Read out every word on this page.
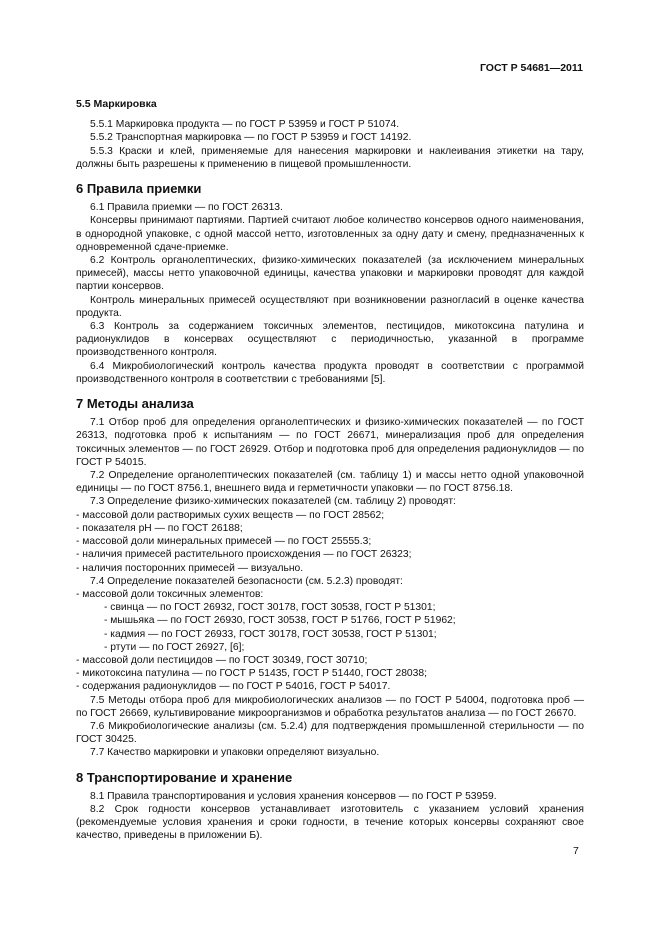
ГОСТ Р 54681—2011

5.5 Маркировка

5.5.1 Маркировка продукта — по ГОСТ Р 53959 и ГОСТ Р 51074.

5.5.2 Транспортная маркировка — по ГОСТ Р 53959 и ГОСТ 14192.

5.5.3 Краски и клей, применяемые для нанесения маркировки и наклеивания этикетки на тару, должны быть разрешены к применению в пищевой промышленности.

6 Правила приемки

6.1 Правила приемки — по ГОСТ 26313.

Консервы принимают партиями. Партией считают любое количество консервов одного наименования, в однородной упаковке, с одной массой нетто, изготовленных за одну дату и смену, предназначенных к одновременной сдаче-приемке.

6.2 Контроль органолептических, физико-химических показателей (за исключением минеральных примесей), массы нетто упаковочной единицы, качества упаковки и маркировки проводят для каждой партии консервов.

Контроль минеральных примесей осуществляют при возникновении разногласий в оценке качества продукта.

6.3 Контроль за содержанием токсичных элементов, пестицидов, микотоксина патулина и радионуклидов в консервах осуществляют с периодичностью, указанной в программе производственного контроля.

6.4 Микробиологический контроль качества продукта проводят в соответствии с программой производственного контроля в соответствии с требованиями [5].

7 Методы анализа

7.1 Отбор проб для определения органолептических и физико-химических показателей — по ГОСТ 26313, подготовка проб к испытаниям — по ГОСТ 26671, минерализация проб для определения токсичных элементов — по ГОСТ 26929. Отбор и подготовка проб для определения радионуклидов — по ГОСТ Р 54015.

7.2 Определение органолептических показателей (см. таблицу 1) и массы нетто одной упаковочной единицы — по ГОСТ 8756.1, внешнего вида и герметичности упаковки — по ГОСТ 8756.18.

7.3 Определение физико-химических показателей (см. таблицу 2) проводят:

- массовой доли растворимых сухих веществ — по ГОСТ 28562;

- показателя рН — по ГОСТ 26188;

- массовой доли минеральных примесей — по ГОСТ 25555.3;

- наличия примесей растительного происхождения — по ГОСТ 26323;

- наличия посторонних примесей — визуально.

7.4 Определение показателей безопасности (см. 5.2.3) проводят:

- массовой доли токсичных элементов:

- свинца — по ГОСТ 26932, ГОСТ 30178, ГОСТ 30538, ГОСТ Р 51301;

- мышьяка — по ГОСТ 26930, ГОСТ 30538, ГОСТ Р 51766, ГОСТ Р 51962;

- кадмия — по ГОСТ 26933, ГОСТ 30178, ГОСТ 30538, ГОСТ Р 51301;

- ртути — по ГОСТ 26927, [6];

- массовой доли пестицидов — по ГОСТ 30349, ГОСТ 30710;

- микотоксина патулина — по ГОСТ Р 51435, ГОСТ Р 51440, ГОСТ 28038;

- содержания радионуклидов — по ГОСТ Р 54016, ГОСТ Р 54017.

7.5 Методы отбора проб для микробиологических анализов — по ГОСТ Р 54004, подготовка проб — по ГОСТ 26669, культивирование микроорганизмов и обработка результатов анализа — по ГОСТ 26670.

7.6 Микробиологические анализы (см. 5.2.4) для подтверждения промышленной стерильности — по ГОСТ 30425.

7.7 Качество маркировки и упаковки определяют визуально.

8 Транспортирование и хранение

8.1 Правила транспортирования и условия хранения консервов — по ГОСТ Р 53959.

8.2 Срок годности консервов устанавливает изготовитель с указанием условий хранения (рекомендуемые условия хранения и сроки годности, в течение которых консервы сохраняют свое качество, приведены в приложении Б).

7
